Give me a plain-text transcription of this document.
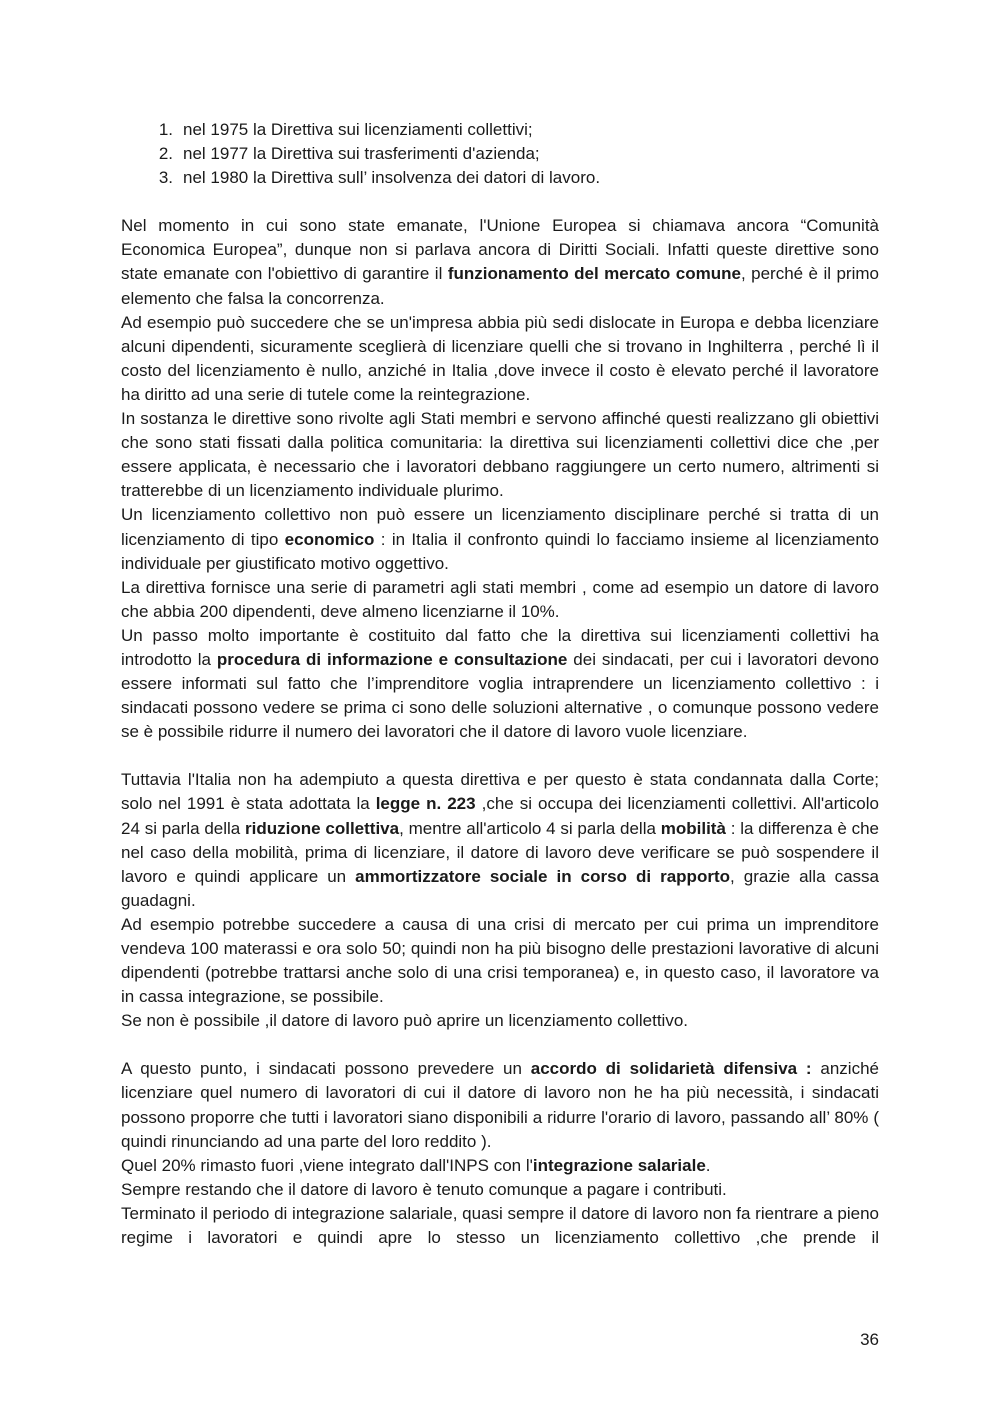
1. nel 1975 la Direttiva sui licenziamenti collettivi;
2. nel 1977 la Direttiva sui trasferimenti d'azienda;
3. nel 1980 la Direttiva sull’ insolvenza dei datori di lavoro.

Nel momento in cui sono state emanate, l'Unione Europea si chiamava ancora “Comunità Economica Europea”, dunque non si parlava ancora di Diritti Sociali. Infatti queste direttive sono state emanate con l'obiettivo di garantire il funzionamento del mercato comune, perché è il primo elemento che falsa la concorrenza.

Ad esempio può succedere che se un'impresa abbia più sedi dislocate in Europa e debba licenziare alcuni dipendenti, sicuramente sceglierà di licenziare quelli che si trovano in Inghilterra , perché lì il costo del licenziamento è nullo, anziché in Italia ,dove invece il costo è elevato perché il lavoratore ha diritto ad una serie di tutele come la reintegrazione.

In sostanza le direttive sono rivolte agli Stati membri e servono affinché questi realizzano gli obiettivi che sono stati fissati dalla politica comunitaria: la direttiva sui licenziamenti collettivi dice che ,per essere applicata, è necessario che i lavoratori debbano raggiungere un certo numero, altrimenti si tratterebbe di un licenziamento individuale plurimo.

Un licenziamento collettivo non può essere un licenziamento disciplinare perché si tratta di un licenziamento di tipo economico : in Italia il confronto quindi lo facciamo insieme al licenziamento individuale per giustificato motivo oggettivo.

La direttiva fornisce una serie di parametri agli stati membri , come ad esempio un datore di lavoro che abbia 200 dipendenti, deve almeno licenziarne il 10%.

Un passo molto importante è costituito dal fatto che la direttiva sui licenziamenti collettivi ha introdotto la procedura di informazione e consultazione dei sindacati, per cui i lavoratori devono essere informati sul fatto che l’imprenditore voglia intraprendere un licenziamento collettivo : i sindacati possono vedere se prima ci sono delle soluzioni alternative , o comunque possono vedere se è possibile ridurre il numero dei lavoratori che il datore di lavoro vuole licenziare.

Tuttavia l'Italia non ha adempiuto a questa direttiva e per questo è stata condannata dalla Corte; solo nel 1991 è stata adottata la legge n. 223 ,che si occupa dei licenziamenti collettivi. All'articolo 24 si parla della riduzione collettiva, mentre all'articolo 4 si parla della mobilità : la differenza è che nel caso della mobilità, prima di licenziare, il datore di lavoro deve verificare se può sospendere il lavoro e quindi applicare un ammortizzatore sociale in corso di rapporto, grazie alla cassa guadagni.

Ad esempio potrebbe succedere a causa di una crisi di mercato per cui prima un imprenditore vendeva 100 materassi e ora solo 50; quindi non ha più bisogno delle prestazioni lavorative di alcuni dipendenti (potrebbe trattarsi anche solo di una crisi temporanea) e, in questo caso, il lavoratore va in cassa integrazione, se possibile.

Se non è possibile ,il datore di lavoro può aprire un licenziamento collettivo.

A questo punto, i sindacati possono prevedere un accordo di solidarietà difensiva : anziché licenziare quel numero di lavoratori di cui il datore di lavoro non he ha più necessità, i sindacati possono proporre che tutti i lavoratori siano disponibili a ridurre l'orario di lavoro, passando all’ 80% ( quindi rinunciando ad una parte del loro reddito ).

Quel 20% rimasto fuori ,viene integrato dall'INPS con l'integrazione salariale.

Sempre restando che il datore di lavoro è tenuto comunque a pagare i contributi.

Terminato il periodo di integrazione salariale, quasi sempre il datore di lavoro non fa rientrare a pieno regime i lavoratori e quindi apre lo stesso un licenziamento collettivo ,che prende il

36
